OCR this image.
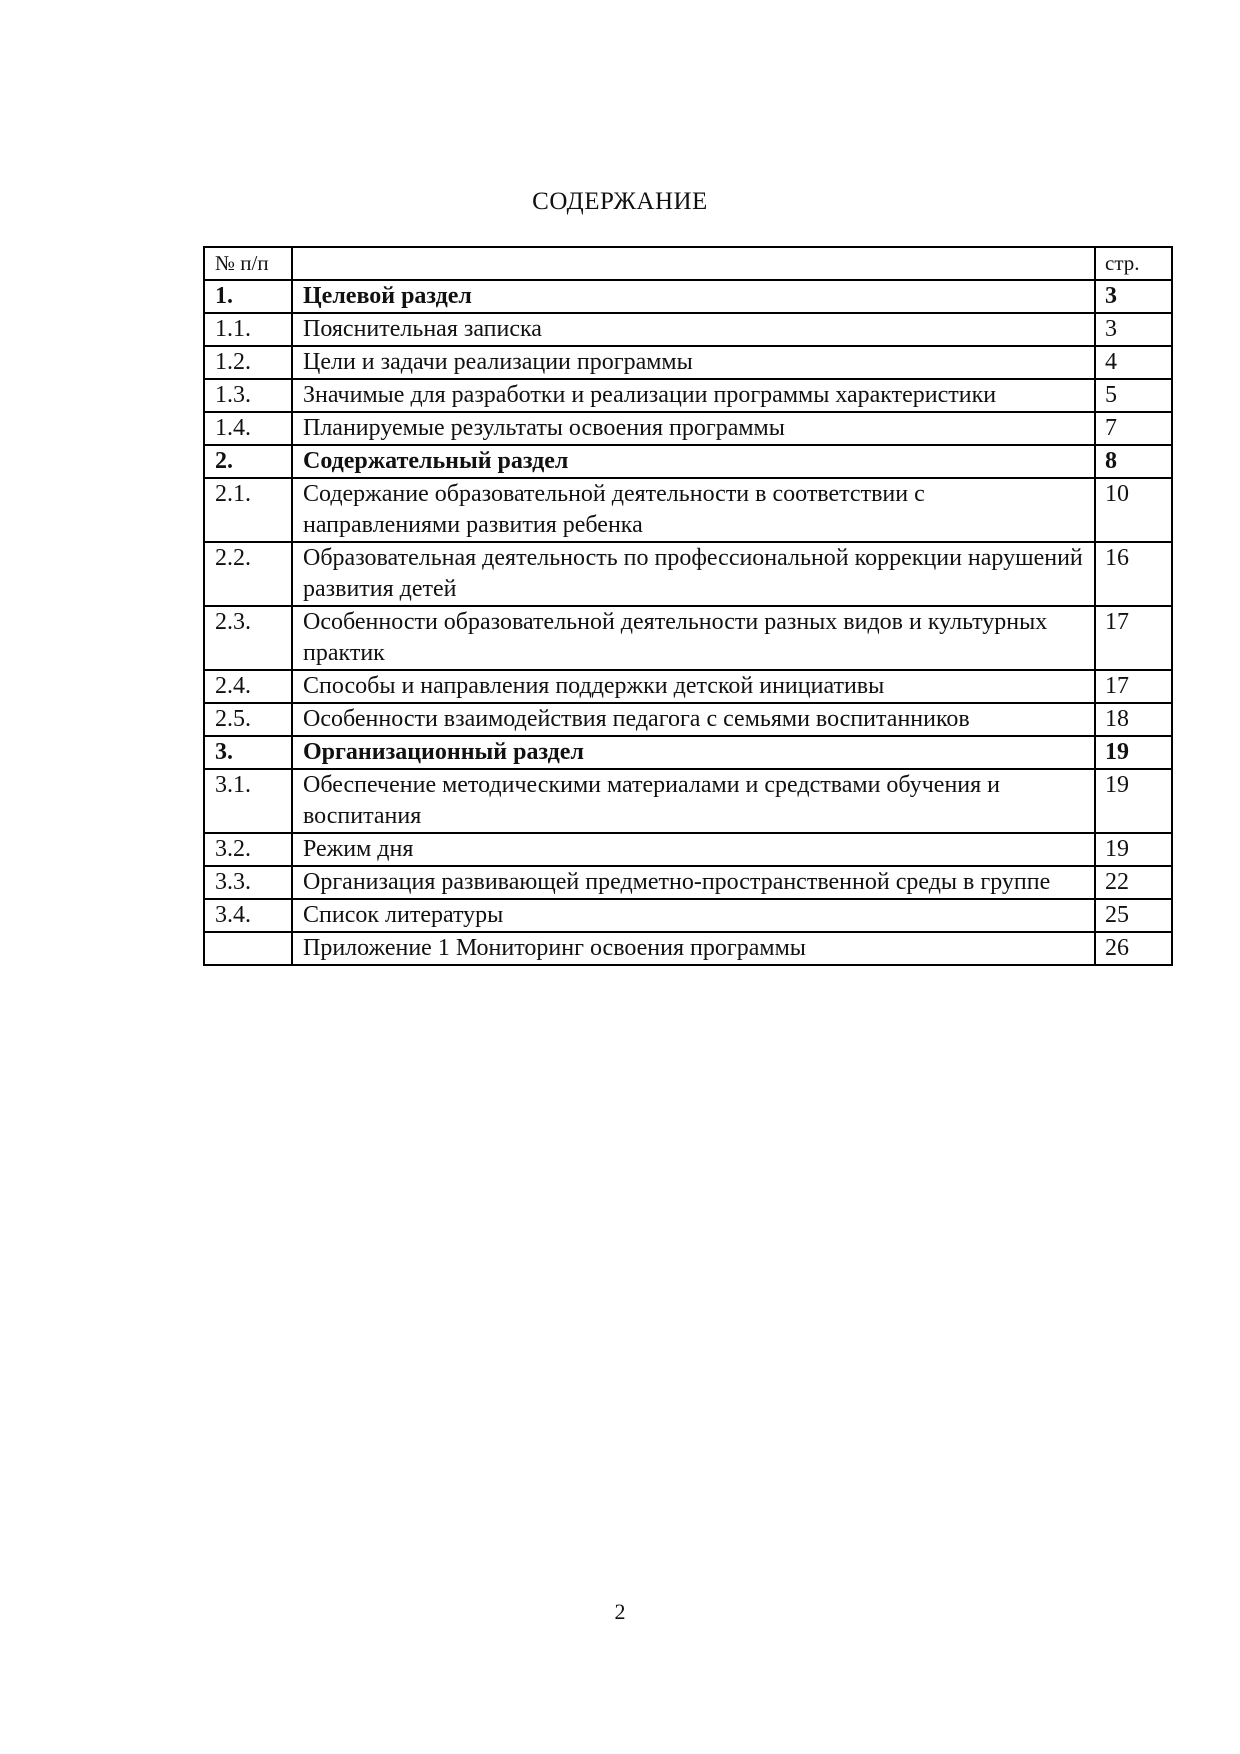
СОДЕРЖАНИЕ
№ п/п		стр.
1.	Целевой раздел	3
1.1.	Пояснительная записка	3
1.2.	Цели и задачи реализации программы	4
1.3.	Значимые для разработки и реализации программы характеристики	5
1.4.	Планируемые результаты освоения программы	7
2.	Содержательный раздел	8
2.1.	Содержание образовательной деятельности в соответствии с направлениями развития ребенка	10
2.2.	Образовательная деятельность по профессиональной коррекции нарушений развития детей	16
2.3.	Особенности образовательной деятельности разных видов и культурных практик	17
2.4.	Способы и направления поддержки детской инициативы	17
2.5.	Особенности взаимодействия педагога с семьями воспитанников	18
3.	Организационный раздел	19
3.1.	Обеспечение методическими материалами и средствами обучения и воспитания	19
3.2.	Режим дня	19
3.3.	Организация развивающей предметно-пространственной среды в группе	22
3.4.	Список литературы	25
	Приложение 1 Мониторинг освоения программы	26
2
